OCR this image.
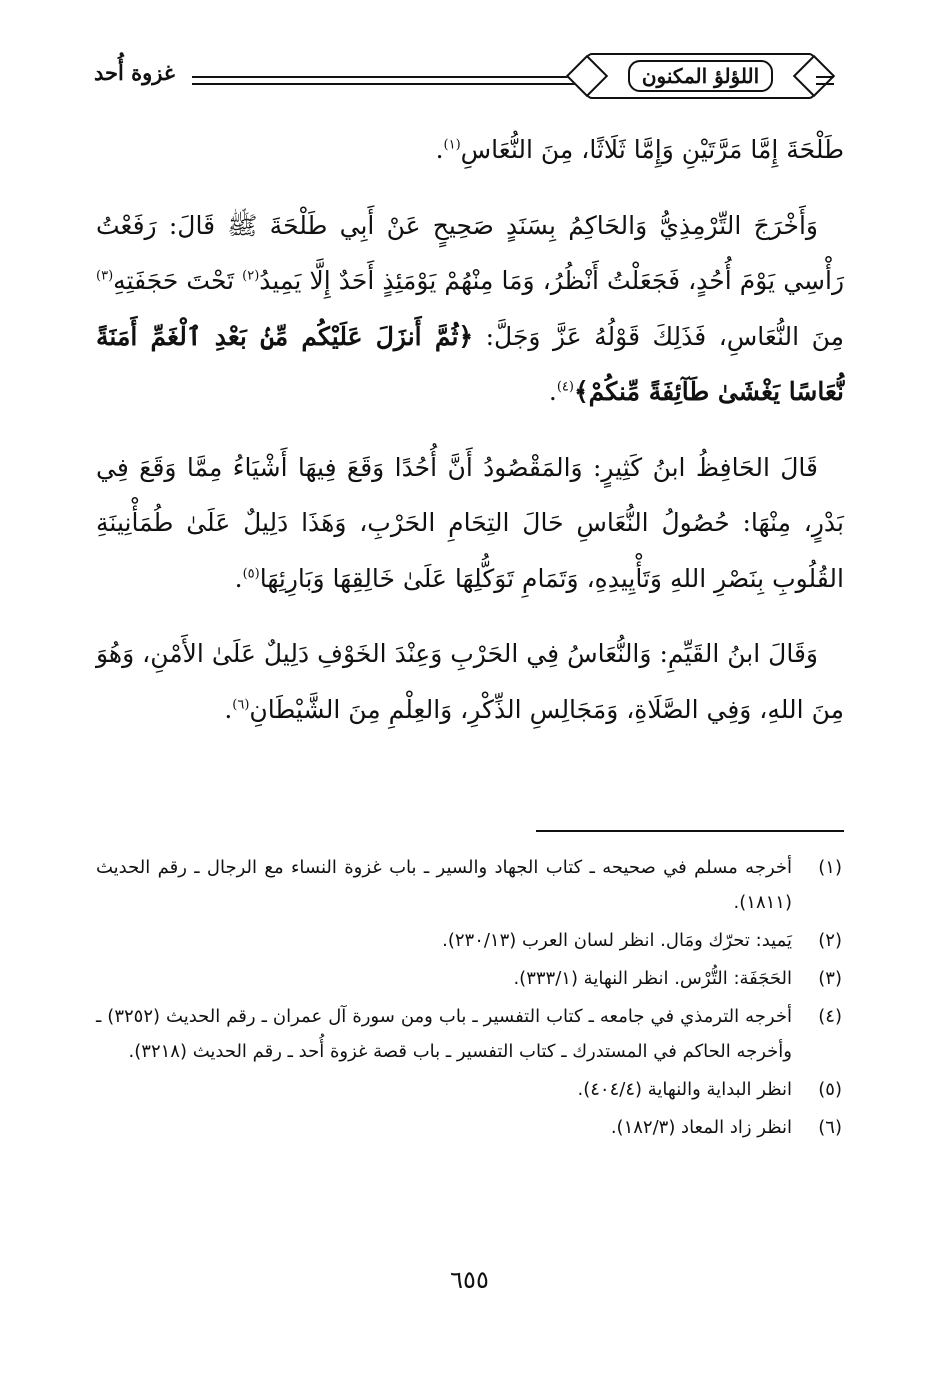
اللؤلؤ المكنون
غزوة أُحد

طَلْحَةَ إِمَّا مَرَّتَيْنِ وَإِمَّا ثَلَاثًا، مِنَ النُّعَاسِ$^{(١)}$.

وَأَخْرَجَ التِّرْمِذِيُّ وَالحَاكِمُ بِسَنَدٍ صَحِيحٍ عَنْ أَبِي طَلْحَةَ ﷺ قَالَ: رَفَعْتُ رَأْسِي يَوْمَ أُحُدٍ، فَجَعَلْتُ أَنْظُرُ، وَمَا مِنْهُمْ يَوْمَئِذٍ أَحَدٌ إِلَّا يَمِيدُ$^{(٢)}$ تَحْتَ حَجَفَتِهِ$^{(٣)}$ مِنَ النُّعَاسِ، فَذَلِكَ قَوْلُهُ عَزَّ وَجَلَّ: ﴿ثُمَّ أَنزَلَ عَلَيْكُم مِّنۢ بَعْدِ ٱلْغَمِّ أَمَنَةً نُّعَاسًا يَغْشَىٰ طَآئِفَةً مِّنكُمْ﴾$^{(٤)}$.

قَالَ الحَافِظُ ابنُ كَثِيرٍ: وَالمَقْصُودُ أَنَّ أُحُدًا وَقَعَ فِيهَا أَشْيَاءُ مِمَّا وَقَعَ فِي بَدْرٍ، مِنْهَا: حُصُولُ النُّعَاسِ حَالَ التِحَامِ الحَرْبِ، وَهَذَا دَلِيلٌ عَلَىٰ طُمَأْنِينَةِ القُلُوبِ بِنَصْرِ اللهِ وَتَأْيِيدِهِ، وَتَمَامِ تَوَكُّلِهَا عَلَىٰ خَالِقِهَا وَبَارِئِهَا$^{(٥)}$.

وَقَالَ ابنُ القَيِّمِ: وَالنُّعَاسُ فِي الحَرْبِ وَعِنْدَ الخَوْفِ دَلِيلٌ عَلَىٰ الأَمْنِ، وَهُوَ مِنَ اللهِ، وَفِي الصَّلَاةِ، وَمَجَالِسِ الذِّكْرِ، وَالعِلْمِ مِنَ الشَّيْطَانِ$^{(٦)}$.

(١)
أخرجه مسلم في صحيحه ـ كتاب الجهاد والسير ـ باب غزوة النساء مع الرجال ـ رقم الحديث (١٨١١).
(٢)
يَميد: تحرّك ومَال. انظر لسان العرب (٢٣٠/١٣).
(٣)
الحَجَفَة: التُّرْس. انظر النهاية (٣٣٣/١).
(٤)
أخرجه الترمذي في جامعه ـ كتاب التفسير ـ باب ومن سورة آل عمران ـ رقم الحديث (٣٢٥٢) ـ وأخرجه الحاكم في المستدرك ـ كتاب التفسير ـ باب قصة غزوة أُحد ـ رقم الحديث (٣٢١٨).
(٥)
انظر البداية والنهاية (٤٠٤/٤).
(٦)
انظر زاد المعاد (١٨٢/٣).
٦٥٥
